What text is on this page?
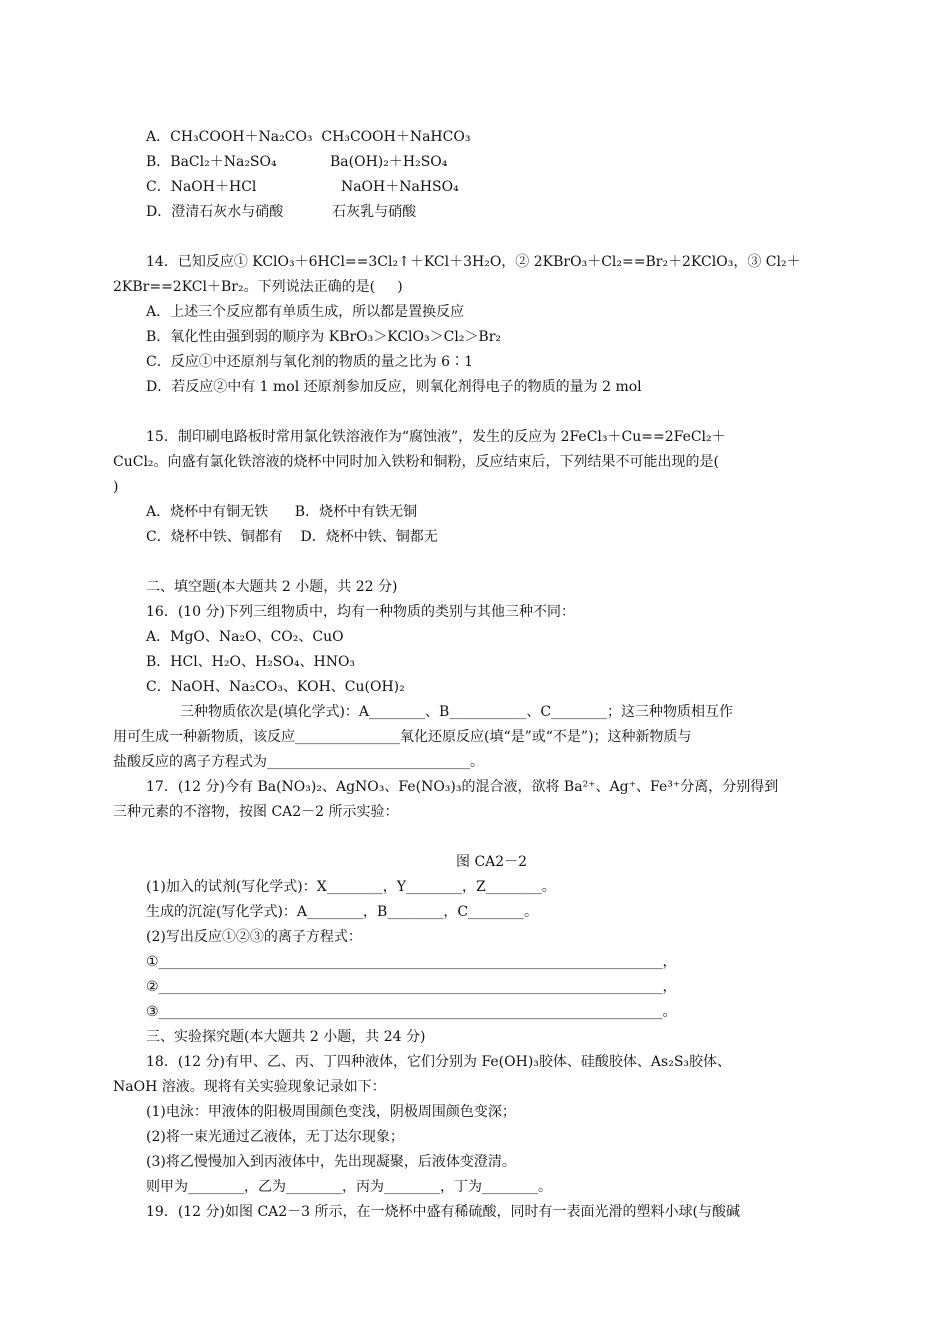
A．CH₃COOH＋Na₂CO₃  CH₃COOH＋NaHCO₃
B．BaCl₂＋Na₂SO₄            Ba(OH)₂＋H₂SO₄
C．NaOH＋HCl                   NaOH＋NaHSO₄
D．澄清石灰水与硝酸           石灰乳与硝酸
14．已知反应① KClO₃＋6HCl==3Cl₂↑＋KCl＋3H₂O，② 2KBrO₃＋Cl₂==Br₂＋2KClO₃，③ Cl₂＋
2KBr==2KCl＋Br₂。下列说法正确的是(     )
A．上述三个反应都有单质生成，所以都是置换反应
B．氧化性由强到弱的顺序为 KBrO₃＞KClO₃＞Cl₂＞Br₂
C．反应①中还原剂与氧化剂的物质的量之比为 6∶1
D．若反应②中有 1 mol 还原剂参加反应，则氧化剂得电子的物质的量为 2 mol
15．制印刷电路板时常用氯化铁溶液作为“腐蚀液”，发生的反应为 2FeCl₃＋Cu==2FeCl₂＋
CuCl₂。向盛有氯化铁溶液的烧杯中同时加入铁粉和铜粉，反应结束后，下列结果不可能出现的是(
)
A．烧杯中有铜无铁      B．烧杯中有铁无铜
C．烧杯中铁、铜都有    D．烧杯中铁、铜都无
二、填空题(本大题共 2 小题，共 22 分)
16．(10 分)下列三组物质中，均有一种物质的类别与其他三种不同：
A．MgO、Na₂O、CO₂、CuO
B．HCl、H₂O、H₂SO₄、HNO₃
C．NaOH、Na₂CO₃、KOH、Cu(OH)₂
三种物质依次是(填化学式)：A________、B___________、C________；这三种物质相互作
用可生成一种新物质，该反应_______________氧化还原反应(填“是”或“不是”)；这种新物质与
盐酸反应的离子方程式为_____________________________。
17．(12 分)今有 Ba(NO₃)₂、AgNO₃、Fe(NO₃)₃的混合液，欲将 Ba²⁺、Ag⁺、Fe³⁺分离，分别得到
三种元素的不溶物，按图 CA2－2 所示实验：
图 CA2－2
(1)加入的试剂(写化学式)：X________，Y________，Z________。
生成的沉淀(写化学式)：A________，B________，C________。
(2)写出反应①②③的离子方程式：
①________________________________________________________________________，
②________________________________________________________________________，
③________________________________________________________________________。
三、实验探究题(本大题共 2 小题，共 24 分)
18．(12 分)有甲、乙、丙、丁四种液体，它们分别为 Fe(OH)₃胶体、硅酸胶体、As₂S₃胶体、
NaOH 溶液。现将有关实验现象记录如下：
(1)电泳：甲液体的阳极周围颜色变浅，阴极周围颜色变深；
(2)将一束光通过乙液体，无丁达尔现象；
(3)将乙慢慢加入到丙液体中，先出现凝聚，后液体变澄清。
则甲为________，乙为________，丙为________，丁为________。
19．(12 分)如图 CA2－3 所示，在一烧杯中盛有稀硫酸，同时有一表面光滑的塑料小球(与酸碱
